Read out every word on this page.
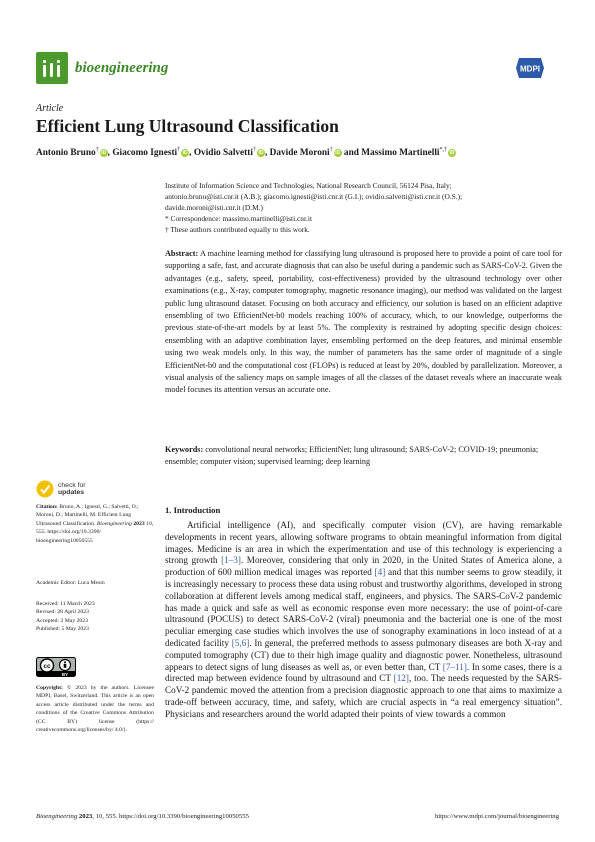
bioengineering	MDPI
Article
Efficient Lung Ultrasound Classification
Antonio Bruno†iD , Giacomo Ignesti†iD , Ovidio Salvetti†iD , Davide Moroni†iD and Massimo Martinelli*,†iD
Institute of Information Science and Technologies, National Research Council, 56124 Pisa, Italy;
antonio.bruno@isti.cnr.it (A.B.); giacomo.ignesti@isti.cnr.it (G.I.); ovidio.salvetti@isti.cnr.it (O.S.);
davide.moroni@isti.cnr.it (D.M.)
* Correspondence: massimo.martinelli@isti.cnr.it
† These authors contributed equally to this work.

Abstract: A machine learning method for classifying lung ultrasound is proposed here to provide a point of care tool for supporting a safe, fast, and accurate diagnosis that can also be useful during a pandemic such as SARS-CoV-2. Given the advantages (e.g., safety, speed, portability, cost-effectiveness) provided by the ultrasound technology over other examinations (e.g., X-ray, computer tomography, magnetic resonance imaging), our method was validated on the largest public lung ultrasound dataset. Focusing on both accuracy and efficiency, our solution is based on an efficient adaptive ensembling of two EfficientNet-b0 models reaching 100% of accuracy, which, to our knowledge, outperforms the previous state-of-the-art models by at least 5%. The complexity is restrained by adopting specific design choices: ensembling with an adaptive combination layer, ensembling performed on the deep features, and minimal ensemble using two weak models only. In this way, the number of parameters has the same order of magnitude of a single EfficientNet-b0 and the computational cost (FLOPs) is reduced at least by 20%, doubled by parallelization. Moreover, a visual analysis of the saliency maps on sample images of all the classes of the dataset reveals where an inaccurate weak model focuses its attention versus an accurate one.

Keywords: convolutional neural networks; EfficientNet; lung ultrasound; SARS-CoV-2; COVID-19; pneumonia; ensemble; computer vision; supervised learning; deep learning

check for
updates
Citation: Bruno, A.; Ignesti, G.; Salvetti, O.; Moroni, D.; Martinelli, M. Efficient Lung Ultrasound Classification. Bioengineering 2023 10, 555. https://doi.org/10.3390/ bioengineering10050555
Academic Editor: Luca Mesin
Received: 11 March 2023
Revised: 28 April 2023
Accepted: 2 May 2023
Published: 5 May 2023
cc
BY
Copyright: © 2023 by the authors. Licensee MDPI, Basel, Switzerland. This article is an open access article distributed under the terms and conditions of the Creative Commons Attribution (CC BY) license (https:// creativecommons.org/licenses/by/ 4.0/).
1. Introduction

Artificial intelligence (AI), and specifically computer vision (CV), are having remarkable developments in recent years, allowing software programs to obtain meaningful information from digital images. Medicine is an area in which the experimentation and use of this technology is experiencing a strong growth [1–3]. Moreover, considering that only in 2020, in the United States of America alone, a production of 600 million medical images was reported [4] and that this number seems to grow steadily, it is increasingly necessary to process these data using robust and trustworthy algorithms, developed in strong collaboration at different levels among medical staff, engineers, and physics. The SARS-CoV-2 pandemic has made a quick and safe as well as economic response even more necessary: the use of point-of-care ultrasound (POCUS) to detect SARS-CoV-2 (viral) pneumonia and the bacterial one is one of the most peculiar emerging case studies which involves the use of sonography examinations in loco instead of at a dedicated facility [5,6]. In general, the preferred methods to assess pulmonary diseases are both X-ray and computed tomography (CT) due to their high image quality and diagnostic power. Nonetheless, ultrasound appears to detect signs of lung diseases as well as, or even better than, CT [7–11]. In some cases, there is a directed map between evidence found by ultrasound and CT [12], too. The needs requested by the SARS-CoV-2 pandemic moved the attention from a precision diagnostic approach to one that aims to maximize a trade-off between accuracy, time, and safety, which are crucial aspects in “a real emergency situation”. Physicians and researchers around the world adapted their points of view towards a common

Bioengineering 2023, 10, 555. https://doi.org/10.3390/bioengineering10050555	https://www.mdpi.com/journal/bioengineering
